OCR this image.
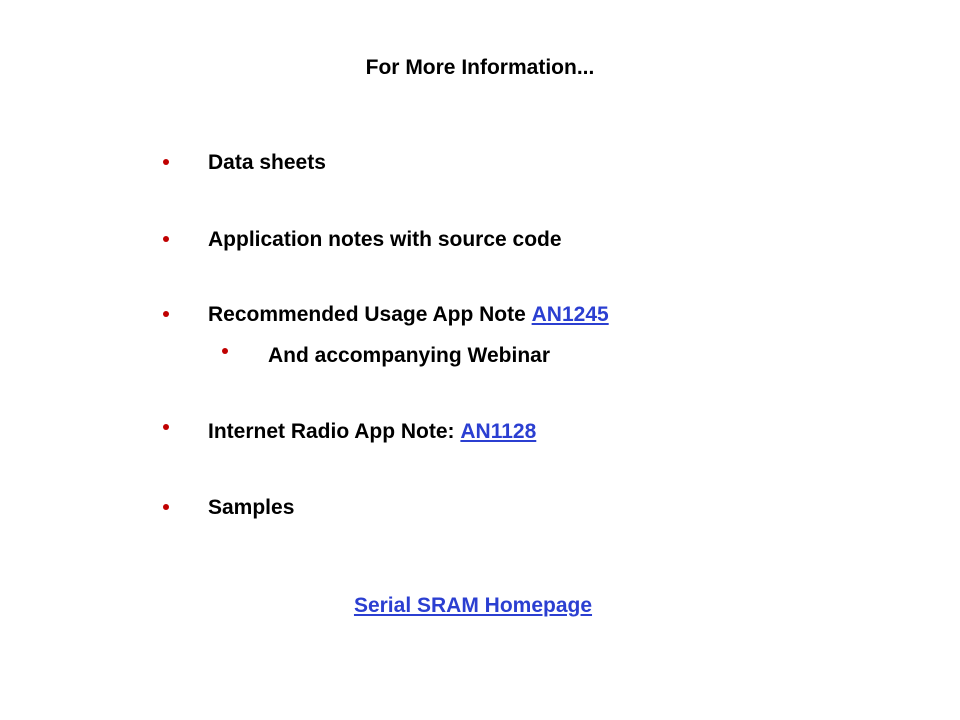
For More Information...
Data sheets
Application notes with source code
Recommended Usage App Note AN1245
And accompanying Webinar
Internet Radio App Note: AN1128
Samples
Serial SRAM Homepage
